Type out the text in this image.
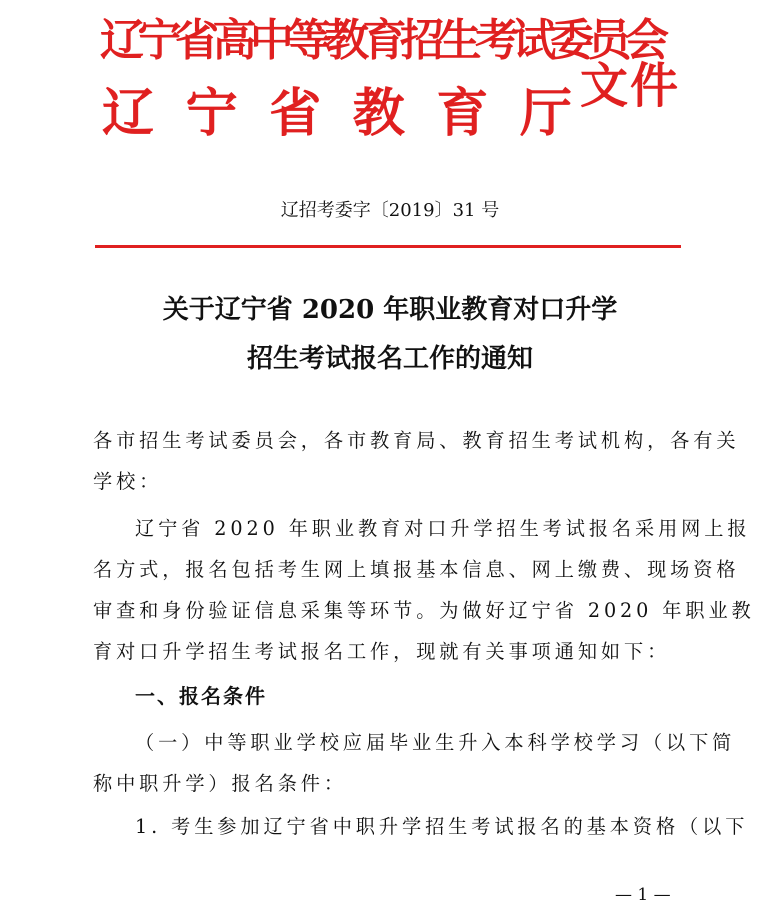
辽宁省高中等教育招生考试委员会
辽 宁 省 教 育 厅 文件
辽招考委字〔2019〕31 号
关于辽宁省 2020 年职业教育对口升学
招生考试报名工作的通知
各市招生考试委员会，各市教育局、教育招生考试机构，各有关
学校：
辽宁省 2020 年职业教育对口升学招生考试报名采用网上报
名方式，报名包括考生网上填报基本信息、网上缴费、现场资格
审查和身份验证信息采集等环节。为做好辽宁省 2020 年职业教
育对口升学招生考试报名工作，现就有关事项通知如下：
一、报名条件
（一）中等职业学校应届毕业生升入本科学校学习（以下简
称中职升学）报名条件：
1. 考生参加辽宁省中职升学招生考试报名的基本资格（以下
— 1 —
